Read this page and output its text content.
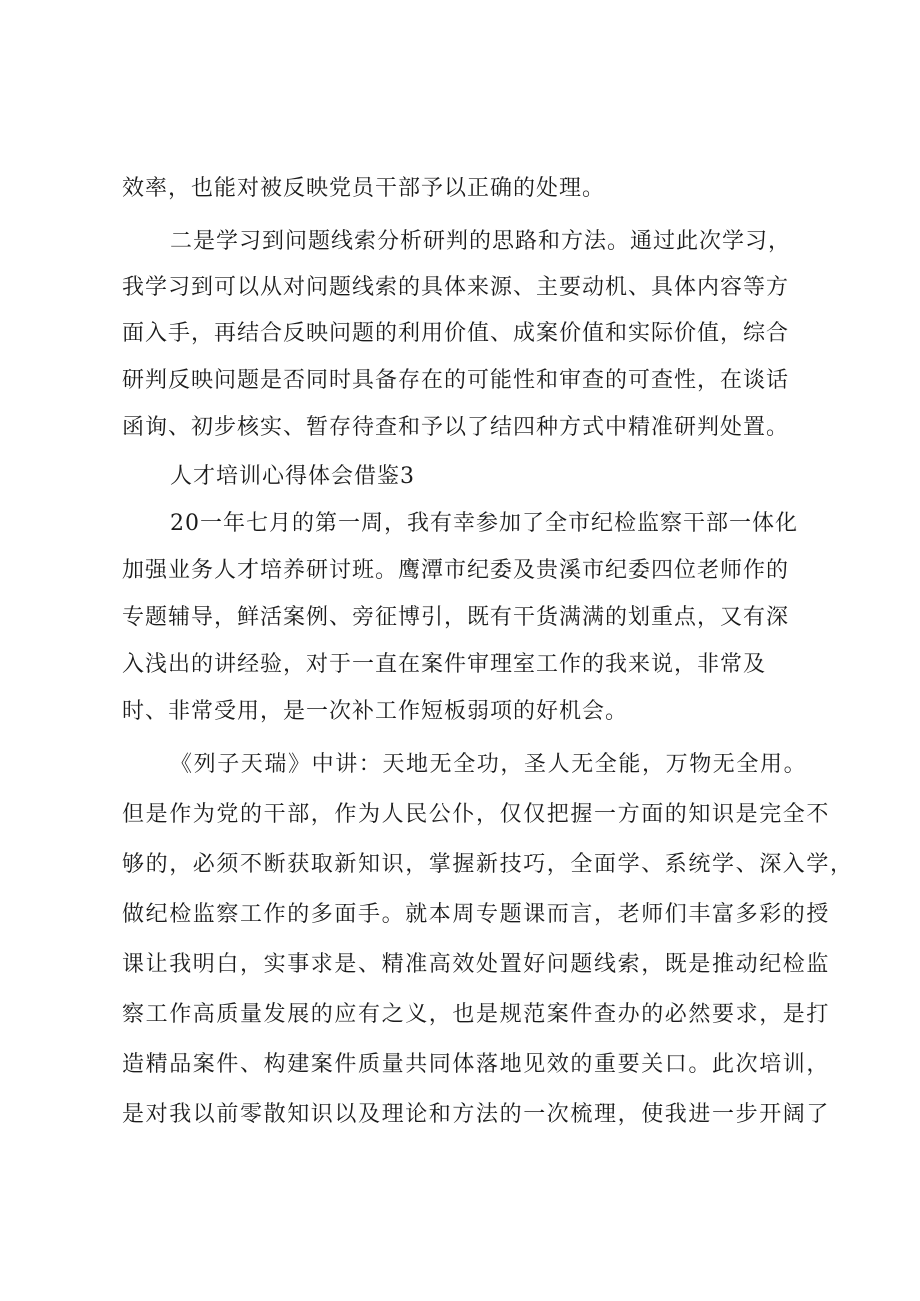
效率，也能对被反映党员干部予以正确的处理。
二是学习到问题线索分析研判的思路和方法。通过此次学习，
我学习到可以从对问题线索的具体来源、主要动机、具体内容等方
面入手，再结合反映问题的利用价值、成案价值和实际价值，综合
研判反映问题是否同时具备存在的可能性和审查的可查性，在谈话
函询、初步核实、暂存待查和予以了结四种方式中精准研判处置。
人才培训心得体会借鉴3
20一年七月的第一周，我有幸参加了全市纪检监察干部一体化
加强业务人才培养研讨班。鹰潭市纪委及贵溪市纪委四位老师作的
专题辅导，鲜活案例、旁征博引，既有干货满满的划重点，又有深
入浅出的讲经验，对于一直在案件审理室工作的我来说，非常及
时、非常受用，是一次补工作短板弱项的好机会。
《列子天瑞》中讲：天地无全功，圣人无全能，万物无全用。
但是作为党的干部，作为人民公仆，仅仅把握一方面的知识是完全不
够的，必须不断获取新知识，掌握新技巧，全面学、系统学、深入学，
做纪检监察工作的多面手。就本周专题课而言，老师们丰富多彩的授
课让我明白，实事求是、精准高效处置好问题线索，既是推动纪检监
察工作高质量发展的应有之义，也是规范案件查办的必然要求，是打
造精品案件、构建案件质量共同体落地见效的重要关口。此次培训，
是对我以前零散知识以及理论和方法的一次梳理，使我进一步开阔了
